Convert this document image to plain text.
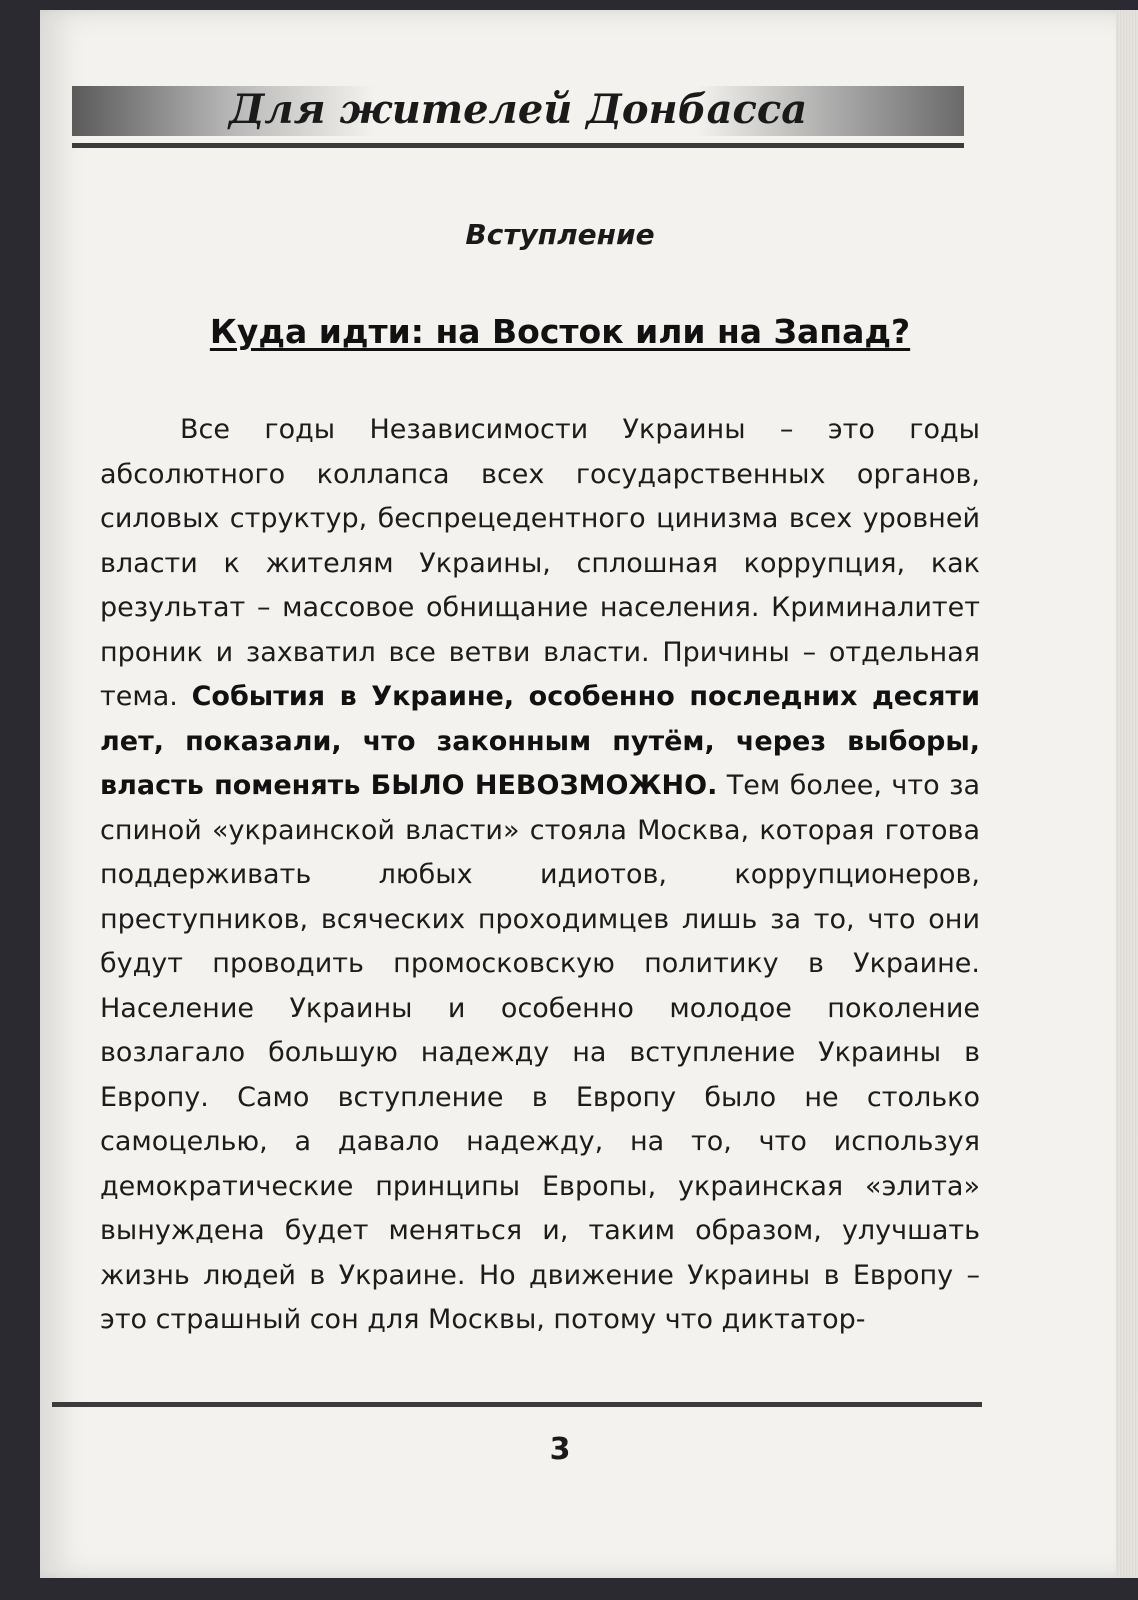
Для жителей Донбасса
Вступление
Куда идти: на Восток или на Запад?

Все годы Независимости Украины – это годы абсолютного коллапса всех государственных органов, силовых структур, беспрецедентного цинизма всех уровней власти к жителям Украины, сплошная коррупция, как результат – массовое обнищание населения. Криминалитет проник и захватил все ветви власти. Причины – отдельная тема. События в Украине, особенно последних десяти лет, показали, что законным путём, через выборы, власть поменять БЫЛО НЕВОЗМОЖНО. Тем более, что за спиной «украинской власти» стояла Москва, которая готова поддерживать любых идиотов, коррупционеров, преступников, всяческих проходимцев лишь за то, что они будут проводить промосковскую политику в Украине. Население Украины и особенно молодое поколение возлагало большую надежду на вступление Украины в Европу. Само вступление в Европу было не столько самоцелью, а давало надежду, на то, что используя демократические принципы Европы, украинская «элита» вынуждена будет меняться и, таким образом, улучшать жизнь людей в Украине. Но движение Украины в Европу – это страшный сон для Москвы, потому что диктатор-

3
